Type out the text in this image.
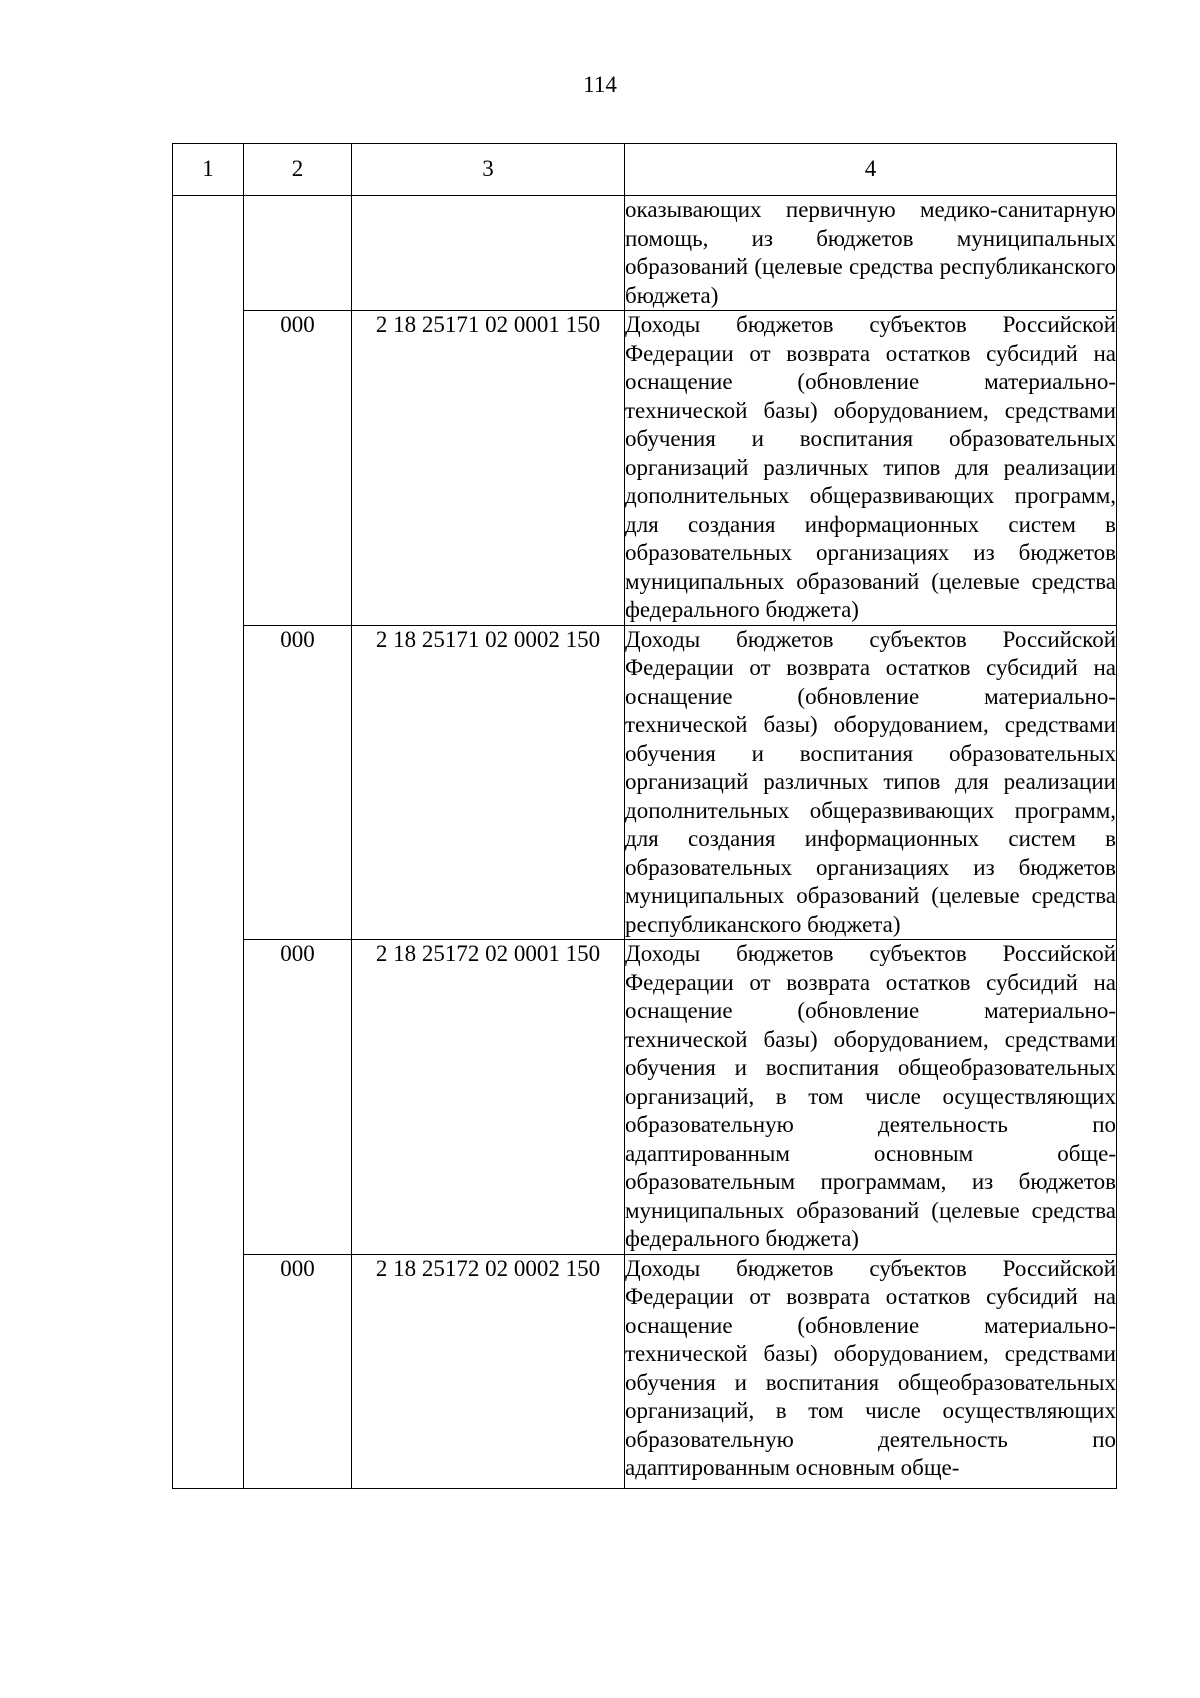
114
1	2	3	4
			оказывающих первичную медико-санитарную помощь, из бюджетов муниципальных образований (целевые средства республиканского бюджета)
	000	2 18 25171 02 0001 150	Доходы бюджетов субъектов Российской Федерации от возврата остатков субсидий на оснащение (обновление материально-технической базы) оборудованием, средствами обучения и воспитания образовательных организаций различных типов для реализации дополнительных общеразвивающих программ, для создания информационных систем в образовательных организациях из бюджетов муниципальных образований (целевые средства федерального бюджета)
	000	2 18 25171 02 0002 150	Доходы бюджетов субъектов Российской Федерации от возврата остатков субсидий на оснащение (обновление материально-технической базы) оборудованием, средствами обучения и воспитания образовательных организаций различных типов для реализации дополнительных общеразвивающих программ, для создания информационных систем в образовательных организациях из бюджетов муниципальных образований (целевые средства республиканского бюджета)
	000	2 18 25172 02 0001 150	Доходы бюджетов субъектов Российской Федерации от возврата остатков субсидий на оснащение (обновление материально-технической базы) оборудованием, средствами обучения и воспитания общеобразовательных организаций, в том числе осуществляющих образовательную деятельность по адаптированным основным общеобразовательным программам, из бюджетов муниципальных образований (целевые средства федерального бюджета)
	000	2 18 25172 02 0002 150	Доходы бюджетов субъектов Российской Федерации от возврата остатков субсидий на оснащение (обновление материально-технической базы) оборудованием, средствами обучения и воспитания общеобразовательных организаций, в том числе осуществляющих образовательную деятельность по адаптированным основным обще-
